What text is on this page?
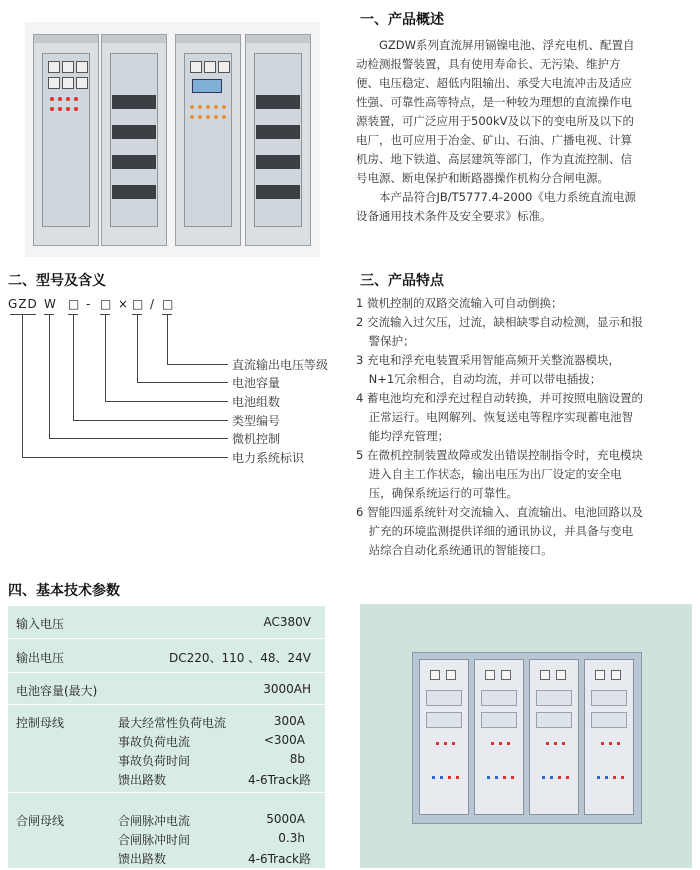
一、产品概述
GZDW系列直流屏用镉镍电池、浮充电机、配置自
动检测报警装置，具有使用寿命长、无污染、维护方
便、电压稳定、超低内阻输出、承受大电流冲击及适应
性强、可靠性高等特点，是一种较为理想的直流操作电
源装置，可广泛应用于500kV及以下的变电所及以下的
电厂，也可应用于冶金、矿山、石油、广播电视、计算
机房、地下铁道、高层建筑等部门，作为直流控制、信
号电源、断电保护和断路器操作机构分合闸电源。
本产品符合JB/T5777.4-2000《电力系统直流电源
设备通用技术条件及安全要求》标准。
二、型号及含义
GZD W □ - □ × □ / □
直流输出电压等级
电池容量
电池组数
类型编号
微机控制
电力系统标识
三、产品特点
1 微机控制的双路交流输入可自动倒换；
2 交流输入过欠压，过流，缺相缺零自动检测，显示和报
警保护；
3 充电和浮充电装置采用智能高频开关整流器模块，
N+1冗余相合，自动均流，并可以带电插拔；
4 蓄电池均充和浮充过程自动转换，并可按照电脑设置的
正常运行。电网解列、恢复送电等程序实现蓄电池智
能均浮充管理；
5 在微机控制装置故障或发出错误控制指令时，充电模块
进入自主工作状态，输出电压为出厂设定的安全电
压，确保系统运行的可靠性。
6 智能四遥系统针对交流输入、直流输出、电池回路以及
扩充的环境监测提供详细的通讯协议，并具备与变电
站综合自动化系统通讯的智能接口。
四、基本技术参数
输入电压	AC380V
输出电压	DC220、110 、48、24V
电池容量(最大)	3000AH
控制母线	最大经常性负荷电流	300A
事故负荷电流	<300A
事故负荷时间	8b
馈出路数	4-6Track路
合闸母线	合闸脉冲电流	5000A
合闸脉冲时间	0.3h
馈出路数	4-6Track路
